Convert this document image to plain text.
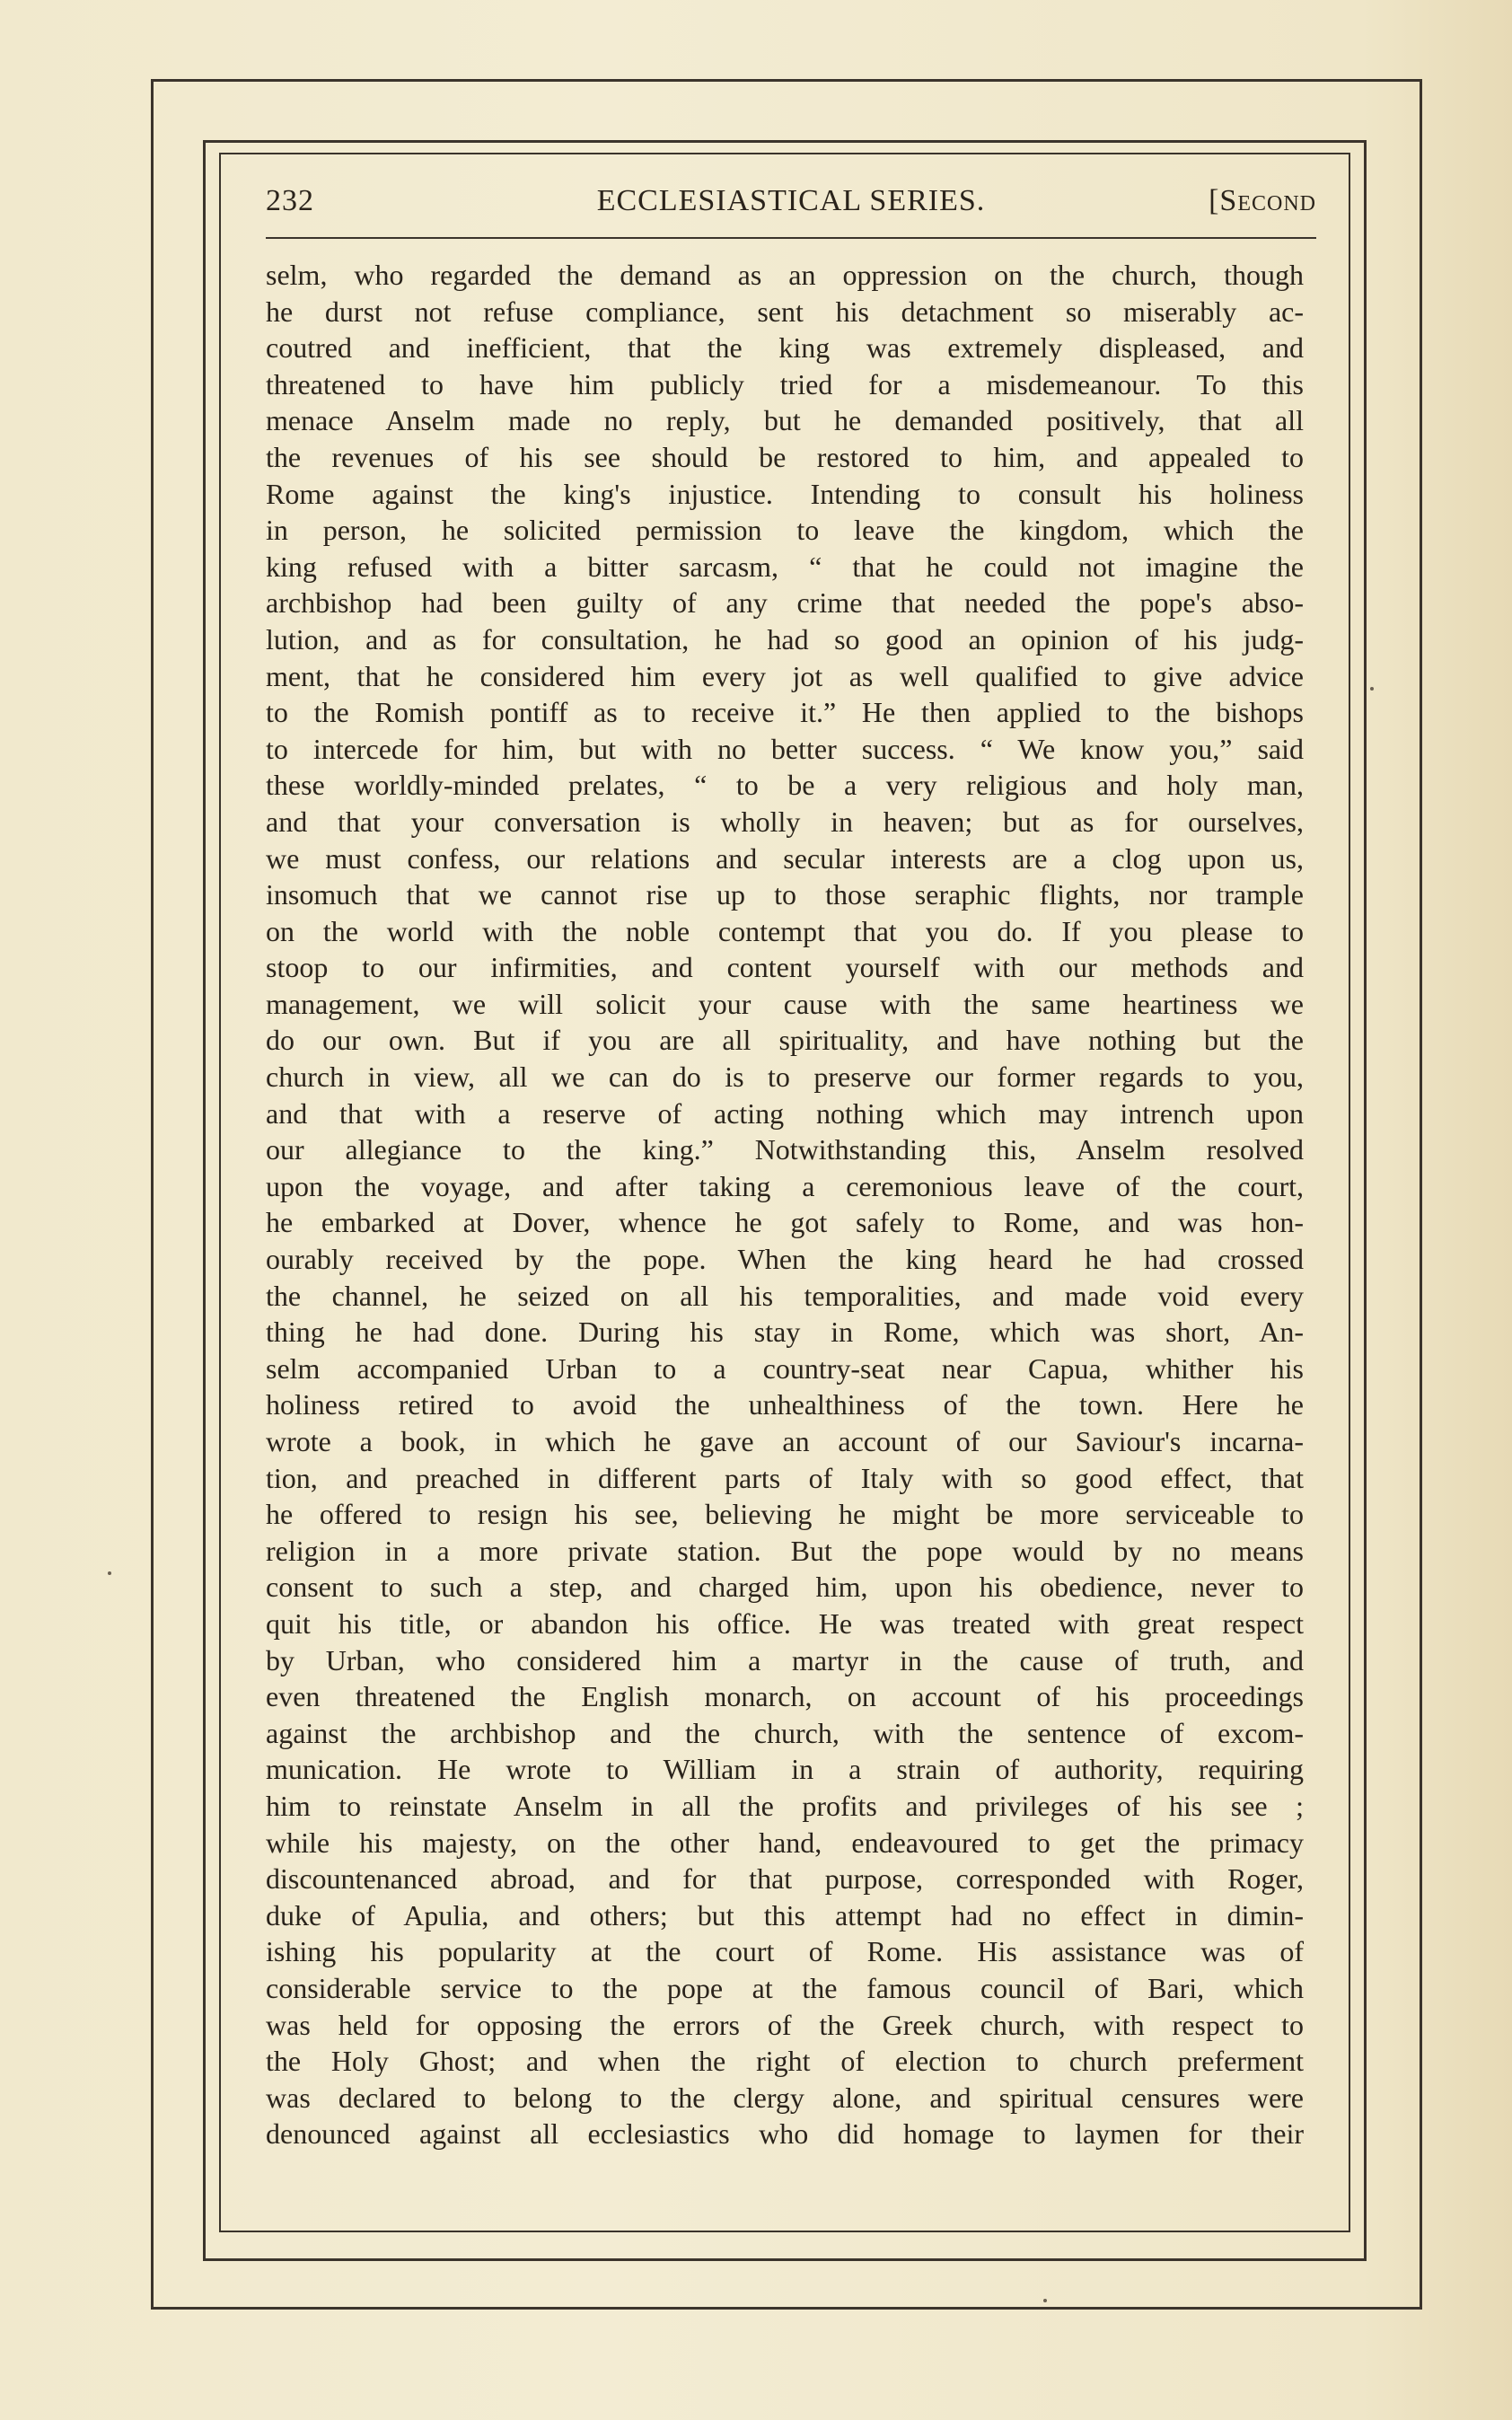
232	ECCLESIASTICAL SERIES.	[Second
selm, who regarded the demand as an oppression on the church, though
he durst not refuse compliance, sent his detachment so miserably ac-
coutred and inefficient, that the king was extremely displeased, and
threatened to have him publicly tried for a misdemeanour. To this
menace Anselm made no reply, but he demanded positively, that all
the revenues of his see should be restored to him, and appealed to
Rome against the king's injustice. Intending to consult his holiness
in person, he solicited permission to leave the kingdom, which the
king refused with a bitter sarcasm, “ that he could not imagine the
archbishop had been guilty of any crime that needed the pope's abso-
lution, and as for consultation, he had so good an opinion of his judg-
ment, that he considered him every jot as well qualified to give advice
to the Romish pontiff as to receive it.” He then applied to the bishops
to intercede for him, but with no better success. “ We know you,” said
these worldly-minded prelates, “ to be a very religious and holy man,
and that your conversation is wholly in heaven; but as for ourselves,
we must confess, our relations and secular interests are a clog upon us,
insomuch that we cannot rise up to those seraphic flights, nor trample
on the world with the noble contempt that you do. If you please to
stoop to our infirmities, and content yourself with our methods and
management, we will solicit your cause with the same heartiness we
do our own. But if you are all spirituality, and have nothing but the
church in view, all we can do is to preserve our former regards to you,
and that with a reserve of acting nothing which may intrench upon
our allegiance to the king.” Notwithstanding this, Anselm resolved
upon the voyage, and after taking a ceremonious leave of the court,
he embarked at Dover, whence he got safely to Rome, and was hon-
ourably received by the pope. When the king heard he had crossed
the channel, he seized on all his temporalities, and made void every
thing he had done. During his stay in Rome, which was short, An-
selm accompanied Urban to a country-seat near Capua, whither his
holiness retired to avoid the unhealthiness of the town. Here he
wrote a book, in which he gave an account of our Saviour's incarna-
tion, and preached in different parts of Italy with so good effect, that
he offered to resign his see, believing he might be more serviceable to
religion in a more private station. But the pope would by no means
consent to such a step, and charged him, upon his obedience, never to
quit his title, or abandon his office. He was treated with great respect
by Urban, who considered him a martyr in the cause of truth, and
even threatened the English monarch, on account of his proceedings
against the archbishop and the church, with the sentence of excom-
munication. He wrote to William in a strain of authority, requiring
him to reinstate Anselm in all the profits and privileges of his see ;
while his majesty, on the other hand, endeavoured to get the primacy
discountenanced abroad, and for that purpose, corresponded with Roger,
duke of Apulia, and others; but this attempt had no effect in dimin-
ishing his popularity at the court of Rome. His assistance was of
considerable service to the pope at the famous council of Bari, which
was held for opposing the errors of the Greek church, with respect to
the Holy Ghost; and when the right of election to church preferment
was declared to belong to the clergy alone, and spiritual censures were
denounced against all ecclesiastics who did homage to laymen for their
